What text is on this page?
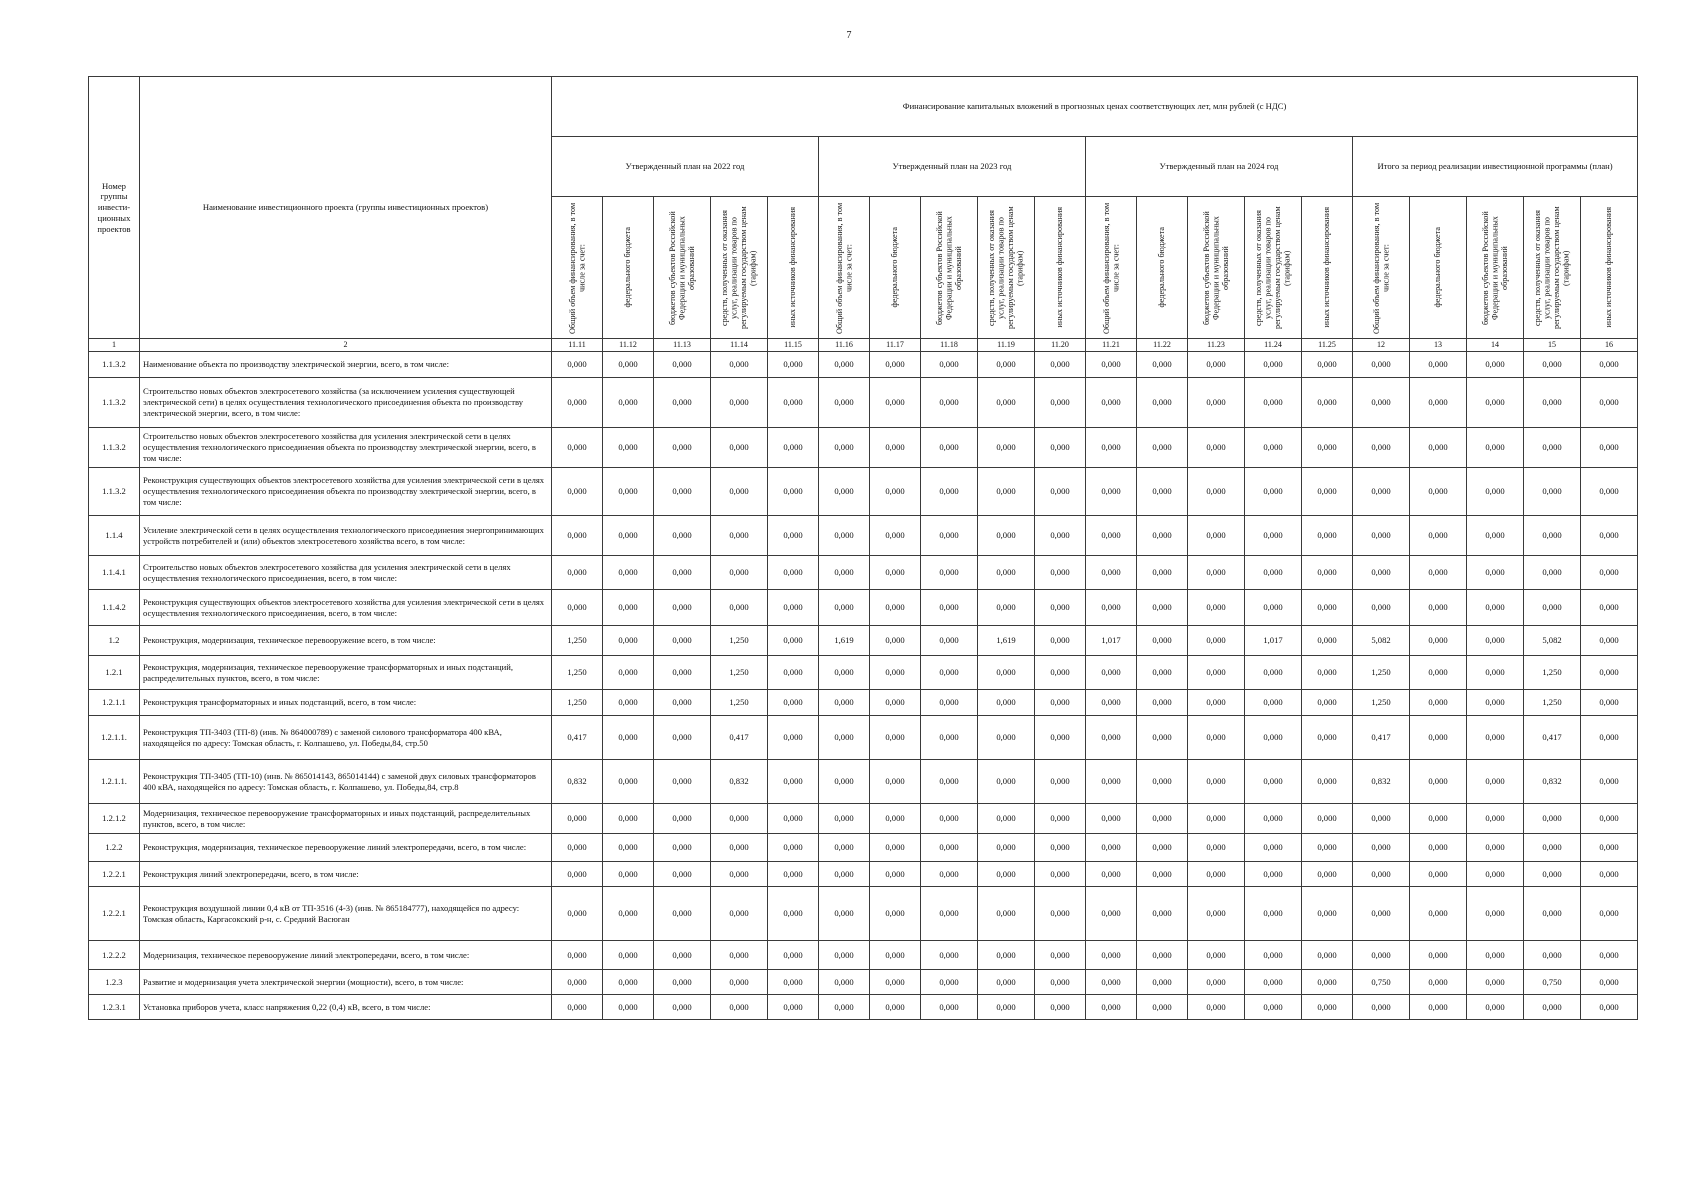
7
Номер группы инвести-ционных проектов	Наименование инвестиционного проекта (группы инвестиционных проектов)	Финансирование капитальных вложений в прогнозных ценах соответствующих лет, млн рублей (с НДС)																			
		Утвержденный план на 2022 год					Утвержденный план на 2023 год					Утвержденный план на 2024 год					Итого за период реализации инвестиционной программы (план)				

		Общий объем финансирования, в том числе за счет:	федерального бюджета	бюджетов субъектов Российской Федерации и муниципальных образований	средств, полученных от оказания услуг, реализации товаров по регулируемым государством ценам (тарифам)	иных источников финансирования	Общий объем финансирования, в том числе за счет:	федерального бюджета	бюджетов субъектов Российской Федерации и муниципальных образований	средств, полученных от оказания услуг, реализации товаров по регулируемым государством ценам (тарифам)	иных источников финансирования	Общий объем финансирования, в том числе за счет:	федерального бюджета	бюджетов субъектов Российской Федерации и муниципальных образований	средств, полученных от оказания услуг, реализации товаров по регулируемым государством ценам (тарифам)	иных источников финансирования	Общий объем финансирования, в том числе за счет:	федерального бюджета	бюджетов субъектов Российской Федерации и муниципальных образований	средств, полученных от оказания услуг, реализации товаров по регулируемым государством ценам (тарифам)	иных источников финансирования

1	2	11.11	11.12	11.13	11.14	11.15	11.16	11.17	11.18	11.19	11.20	11.21	11.22	11.23	11.24	11.25	12	13	14	15	16
1.1.3.2	Наименование объекта по производству электрической энергии, всего, в том числе:	0,000	0,000	0,000	0,000	0,000	0,000	0,000	0,000	0,000	0,000	0,000	0,000	0,000	0,000	0,000	0,000	0,000	0,000	0,000	0,000
1.1.3.2	Строительство новых объектов электросетевого хозяйства (за исключением усиления существующей электрической сети) в целях осуществления технологического присоединения объекта по производству электрической энергии, всего, в том числе:	0,000	0,000	0,000	0,000	0,000	0,000	0,000	0,000	0,000	0,000	0,000	0,000	0,000	0,000	0,000	0,000	0,000	0,000	0,000	0,000
1.1.3.2	Строительство новых объектов электросетевого хозяйства для усиления электрической сети в целях осуществления технологического присоединения объекта по производству электрической энергии, всего, в том числе:	0,000	0,000	0,000	0,000	0,000	0,000	0,000	0,000	0,000	0,000	0,000	0,000	0,000	0,000	0,000	0,000	0,000	0,000	0,000	0,000
1.1.3.2	Реконструкция существующих объектов электросетевого хозяйства для усиления электрической сети в целях осуществления технологического присоединения объекта по производству электрической энергии, всего, в том числе:	0,000	0,000	0,000	0,000	0,000	0,000	0,000	0,000	0,000	0,000	0,000	0,000	0,000	0,000	0,000	0,000	0,000	0,000	0,000	0,000
1.1.4	Усиление электрической сети в целях осуществления технологического присоединения энергопринимающих устройств потребителей и (или) объектов электросетевого хозяйства всего, в том числе:	0,000	0,000	0,000	0,000	0,000	0,000	0,000	0,000	0,000	0,000	0,000	0,000	0,000	0,000	0,000	0,000	0,000	0,000	0,000	0,000
1.1.4.1	Строительство новых объектов электросетевого хозяйства для усиления электрической сети в целях осуществления технологического присоединения, всего, в том числе:	0,000	0,000	0,000	0,000	0,000	0,000	0,000	0,000	0,000	0,000	0,000	0,000	0,000	0,000	0,000	0,000	0,000	0,000	0,000	0,000
1.1.4.2	Реконструкция существующих объектов электросетевого хозяйства для усиления электрической сети в целях осуществления технологического присоединения, всего, в том числе:	0,000	0,000	0,000	0,000	0,000	0,000	0,000	0,000	0,000	0,000	0,000	0,000	0,000	0,000	0,000	0,000	0,000	0,000	0,000	0,000
1.2	Реконструкция, модернизация, техническое перевооружение всего, в том числе:	1,250	0,000	0,000	1,250	0,000	1,619	0,000	0,000	1,619	0,000	1,017	0,000	0,000	1,017	0,000	5,082	0,000	0,000	5,082	0,000
1.2.1	Реконструкция, модернизация, техническое перевооружение трансформаторных и иных подстанций, распределительных пунктов, всего, в том числе:	1,250	0,000	0,000	1,250	0,000	0,000	0,000	0,000	0,000	0,000	0,000	0,000	0,000	0,000	0,000	1,250	0,000	0,000	1,250	0,000
1.2.1.1	Реконструкция трансформаторных и иных подстанций, всего, в том числе:	1,250	0,000	0,000	1,250	0,000	0,000	0,000	0,000	0,000	0,000	0,000	0,000	0,000	0,000	0,000	1,250	0,000	0,000	1,250	0,000
1.2.1.1.	Реконструкция ТП-3403 (ТП-8) (инв. № 864000789) с заменой силового трансформатора 400 кВА, находящейся по адресу: Томская область, г. Колпашево, ул. Победы,84, стр.50	0,417	0,000	0,000	0,417	0,000	0,000	0,000	0,000	0,000	0,000	0,000	0,000	0,000	0,000	0,000	0,417	0,000	0,000	0,417	0,000
1.2.1.1.	Реконструкция ТП-3405 (ТП-10) (инв. № 865014143, 865014144) с заменой двух силовых трансформаторов 400 кВА, находящейся по адресу: Томская область, г. Колпашево, ул. Победы,84, стр.8	0,832	0,000	0,000	0,832	0,000	0,000	0,000	0,000	0,000	0,000	0,000	0,000	0,000	0,000	0,000	0,832	0,000	0,000	0,832	0,000
1.2.1.2	Модернизация, техническое перевооружение трансформаторных и иных подстанций, распределительных пунктов, всего, в том числе:	0,000	0,000	0,000	0,000	0,000	0,000	0,000	0,000	0,000	0,000	0,000	0,000	0,000	0,000	0,000	0,000	0,000	0,000	0,000	0,000
1.2.2	Реконструкция, модернизация, техническое перевооружение линий электропередачи, всего, в том числе:	0,000	0,000	0,000	0,000	0,000	0,000	0,000	0,000	0,000	0,000	0,000	0,000	0,000	0,000	0,000	0,000	0,000	0,000	0,000	0,000
1.2.2.1	Реконструкция линий электропередачи, всего, в том числе:	0,000	0,000	0,000	0,000	0,000	0,000	0,000	0,000	0,000	0,000	0,000	0,000	0,000	0,000	0,000	0,000	0,000	0,000	0,000	0,000
1.2.2.1	Реконструкция воздушной линии 0,4 кВ от ТП-3516 (4-3) (инв. № 865184777), находящейся по адресу: Томская область, Каргасокский р-н, с. Средний Васюган	0,000	0,000	0,000	0,000	0,000	0,000	0,000	0,000	0,000	0,000	0,000	0,000	0,000	0,000	0,000	0,000	0,000	0,000	0,000	0,000
1.2.2.2	Модернизация, техническое перевооружение линий электропередачи, всего, в том числе:	0,000	0,000	0,000	0,000	0,000	0,000	0,000	0,000	0,000	0,000	0,000	0,000	0,000	0,000	0,000	0,000	0,000	0,000	0,000	0,000
1.2.3	Развитие и модернизация учета электрической энергии (мощности), всего, в том числе:	0,000	0,000	0,000	0,000	0,000	0,000	0,000	0,000	0,000	0,000	0,000	0,000	0,000	0,000	0,000	0,750	0,000	0,000	0,750	0,000
1.2.3.1	Установка приборов учета, класс напряжения 0,22 (0,4) кВ, всего, в том числе:	0,000	0,000	0,000	0,000	0,000	0,000	0,000	0,000	0,000	0,000	0,000	0,000	0,000	0,000	0,000	0,000	0,000	0,000	0,000	0,000
